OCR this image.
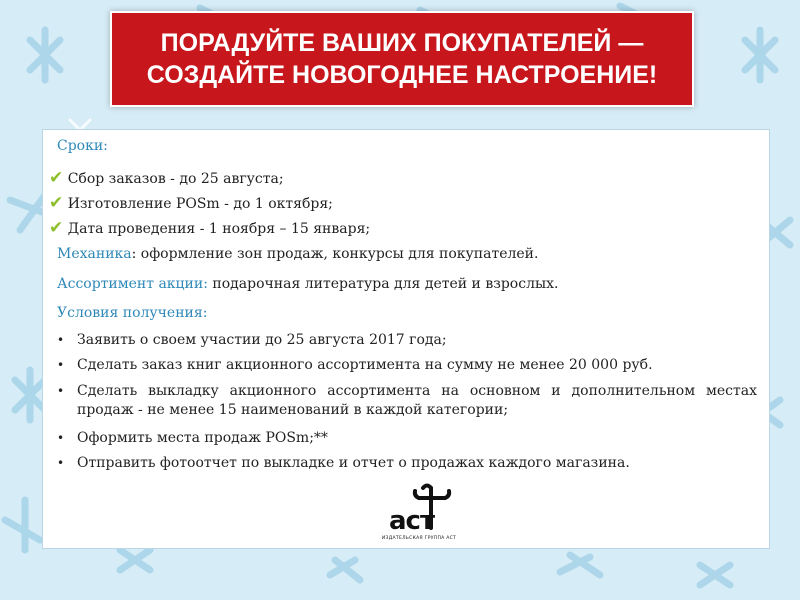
ПОРАДУЙТЕ ВАШИХ ПОКУПАТЕЛЕЙ —
СОЗДАЙТЕ НОВОГОДНЕЕ НАСТРОЕНИЕ!
Сроки:
✔ Сбор заказов - до 25 августа;
✔ Изготовление POSm - до 1 октября;
✔ Дата проведения - 1 ноября – 15 января;
Механика: оформление зон продаж, конкурсы для покупателей.
Ассортимент акции: подарочная литература для детей и взрослых.
Условия получения:
• Заявить о своем участии до 25 августа 2017 года;
• Сделать заказ книг акционного ассортимента на сумму не менее 20 000 руб.
• Сделать выкладку акционного ассортимента на основном и дополнительном местах продаж - не менее 15 наименований в каждой категории;
• Оформить места продаж POSm;**
• Отправить фотоотчет по выкладке и отчет о продажах каждого магазина.
аст
ИЗДАТЕЛЬСКАЯ ГРУППА АСТ
